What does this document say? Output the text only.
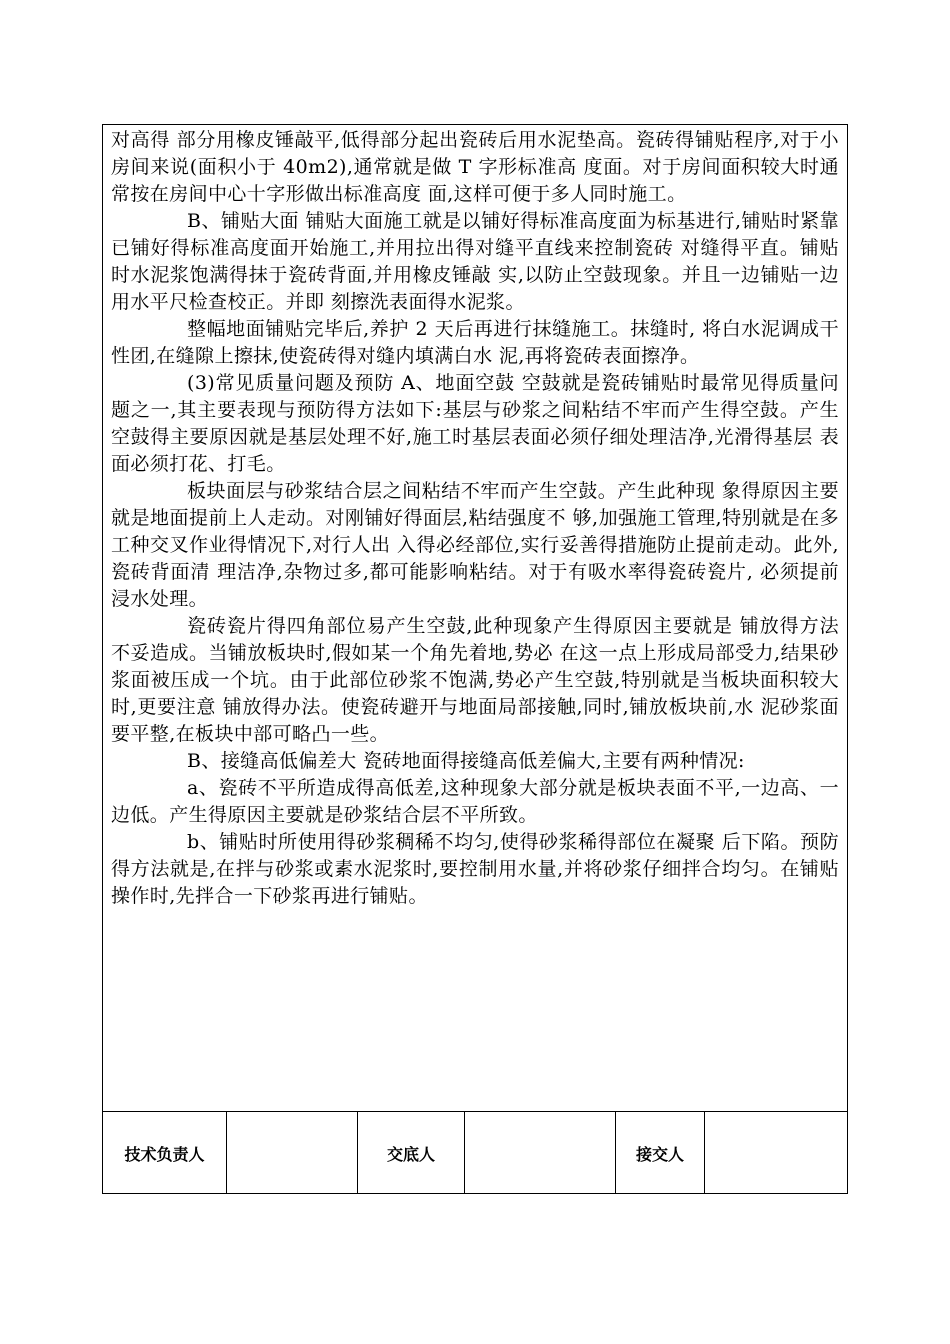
对高得 部分用橡皮锤敲平,低得部分起出瓷砖后用水泥垫高。瓷砖得铺贴程序,对于小房间来说(面积小于 40m2),通常就是做 T 字形标准高 度面。对于房间面积较大时通常按在房间中心十字形做出标准高度 面,这样可便于多人同时施工。

B、铺贴大面 铺贴大面施工就是以铺好得标准高度面为标基进行,铺贴时紧靠已铺好得标准高度面开始施工,并用拉出得对缝平直线来控制瓷砖 对缝得平直。铺贴时水泥浆饱满得抹于瓷砖背面,并用橡皮锤敲 实,以防止空鼓现象。并且一边铺贴一边用水平尺检查校正。并即 刻擦洗表面得水泥浆。

整幅地面铺贴完毕后,养护 2 天后再进行抹缝施工。抹缝时, 将白水泥调成干性团,在缝隙上擦抹,使瓷砖得对缝内填满白水 泥,再将瓷砖表面擦净。

(3)常见质量问题及预防 A、地面空鼓 空鼓就是瓷砖铺贴时最常见得质量问题之一,其主要表现与预防得方法如下:基层与砂浆之间粘结不牢而产生得空鼓。产生空鼓得主要原因就是基层处理不好,施工时基层表面必须仔细处理洁净,光滑得基层 表面必须打花、打毛。

板块面层与砂浆结合层之间粘结不牢而产生空鼓。产生此种现 象得原因主要就是地面提前上人走动。对刚铺好得面层,粘结强度不 够,加强施工管理,特别就是在多工种交叉作业得情况下,对行人出 入得必经部位,实行妥善得措施防止提前走动。此外,瓷砖背面清 理洁净,杂物过多,都可能影响粘结。对于有吸水率得瓷砖瓷片, 必须提前浸水处理。

瓷砖瓷片得四角部位易产生空鼓,此种现象产生得原因主要就是 铺放得方法不妥造成。当铺放板块时,假如某一个角先着地,势必 在这一点上形成局部受力,结果砂浆面被压成一个坑。由于此部位砂浆不饱满,势必产生空鼓,特别就是当板块面积较大时,更要注意 铺放得办法。使瓷砖避开与地面局部接触,同时,铺放板块前,水 泥砂浆面要平整,在板块中部可略凸一些。

B、接缝高低偏差大 瓷砖地面得接缝高低差偏大,主要有两种情况:

a、瓷砖不平所造成得高低差,这种现象大部分就是板块表面不平,一边高、一边低。产生得原因主要就是砂浆结合层不平所致。

b、铺贴时所使用得砂浆稠稀不均匀,使得砂浆稀得部位在凝聚 后下陷。预防得方法就是,在拌与砂浆或素水泥浆时,要控制用水量,并将砂浆仔细拌合均匀。在铺贴操作时,先拌合一下砂浆再进行铺贴。

技术负责人	交底人	接交人
